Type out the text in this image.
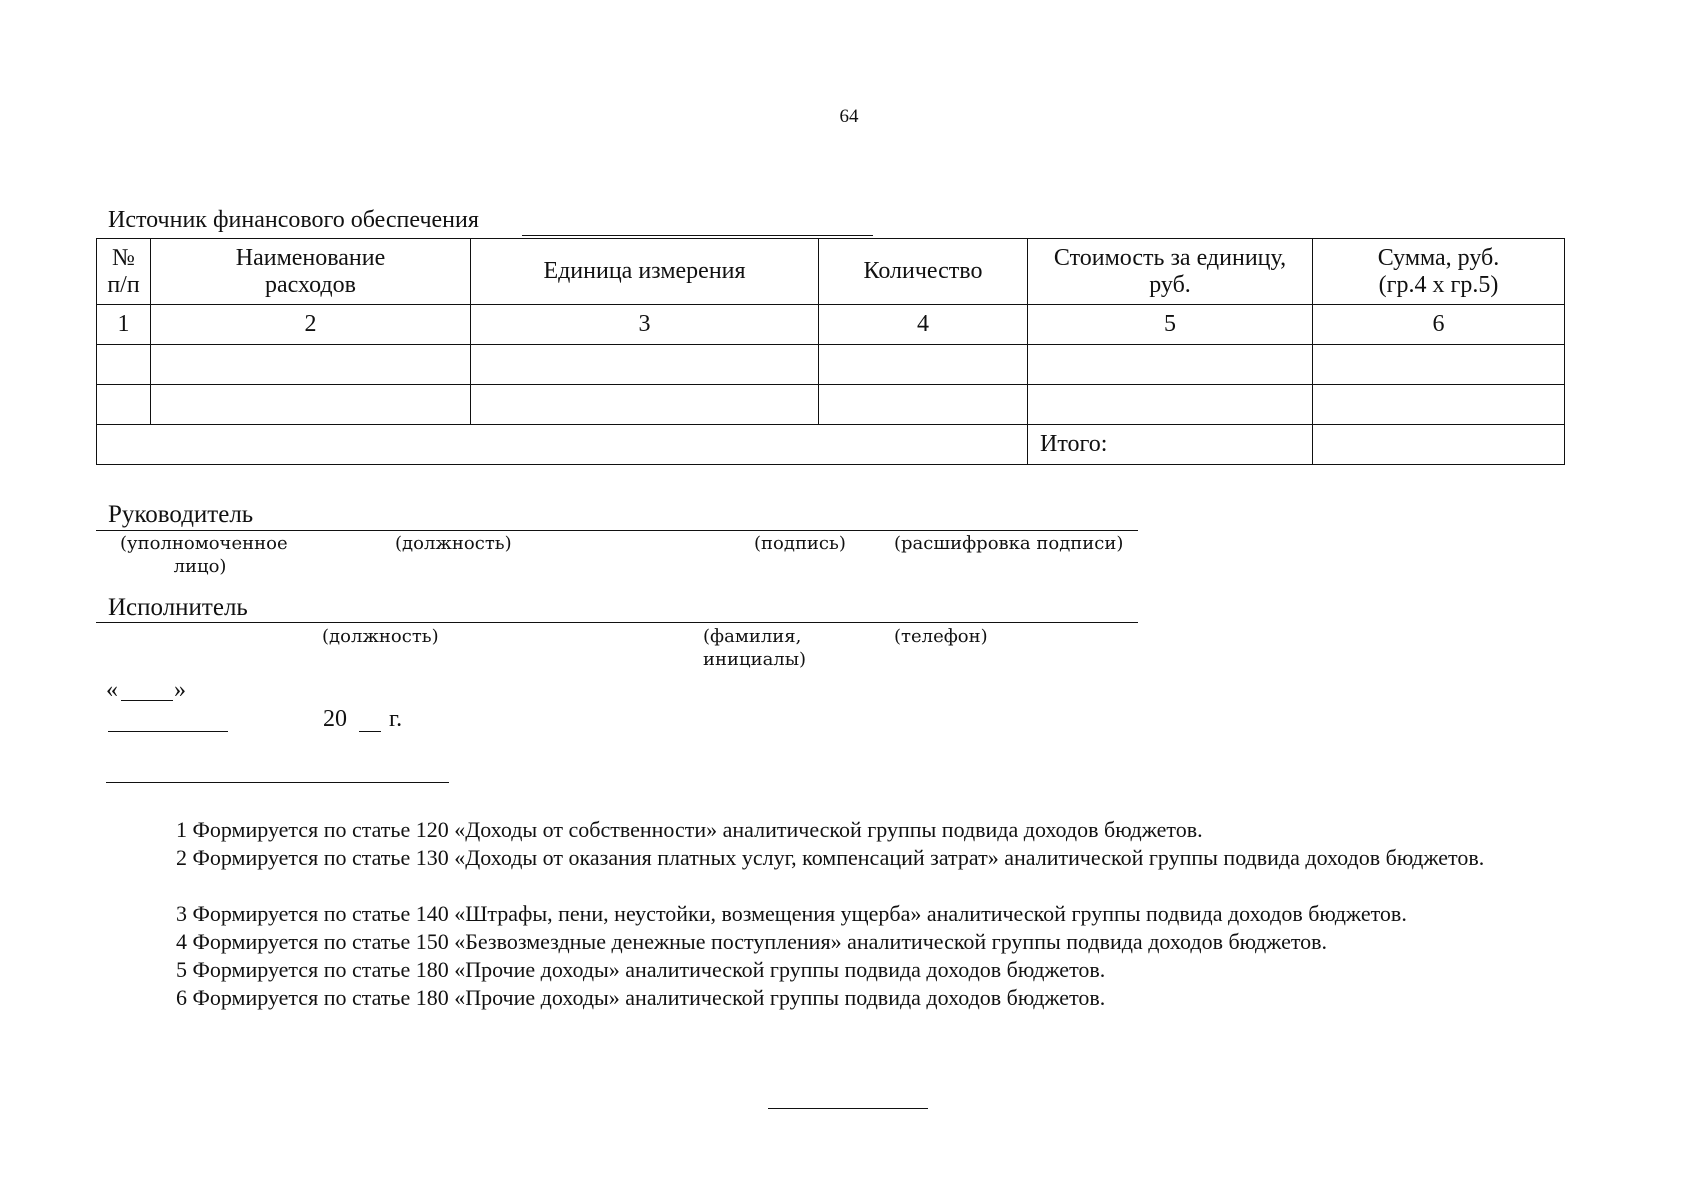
64
Источник финансового обеспечения
№ п/п	Наименование расходов	Единица измерения	Количество	Стоимость за единицу, руб.	Сумма, руб. (гр.4 х гр.5)
1	2	3	4	5	6

				Итого:	
Руководитель
(уполномоченное лицо)
(должность)	(подпись)	(расшифровка подписи)
Исполнитель
(должность)	(фамилия, инициалы)
(телефон)
« »
20 г.
1 Формируется по статье 120 «Доходы от собственности» аналитической группы подвида доходов бюджетов.
2 Формируется по статье 130 «Доходы от оказания платных услуг, компенсаций затрат» аналитической группы подвида доходов бюджетов.
3 Формируется по статье 140 «Штрафы, пени, неустойки, возмещения ущерба» аналитической группы подвида доходов бюджетов.
4 Формируется по статье 150 «Безвозмездные денежные поступления» аналитической группы подвида доходов бюджетов.
5 Формируется по статье 180 «Прочие доходы» аналитической группы подвида доходов бюджетов.
6 Формируется по статье 180 «Прочие доходы» аналитической группы подвида доходов бюджетов.
